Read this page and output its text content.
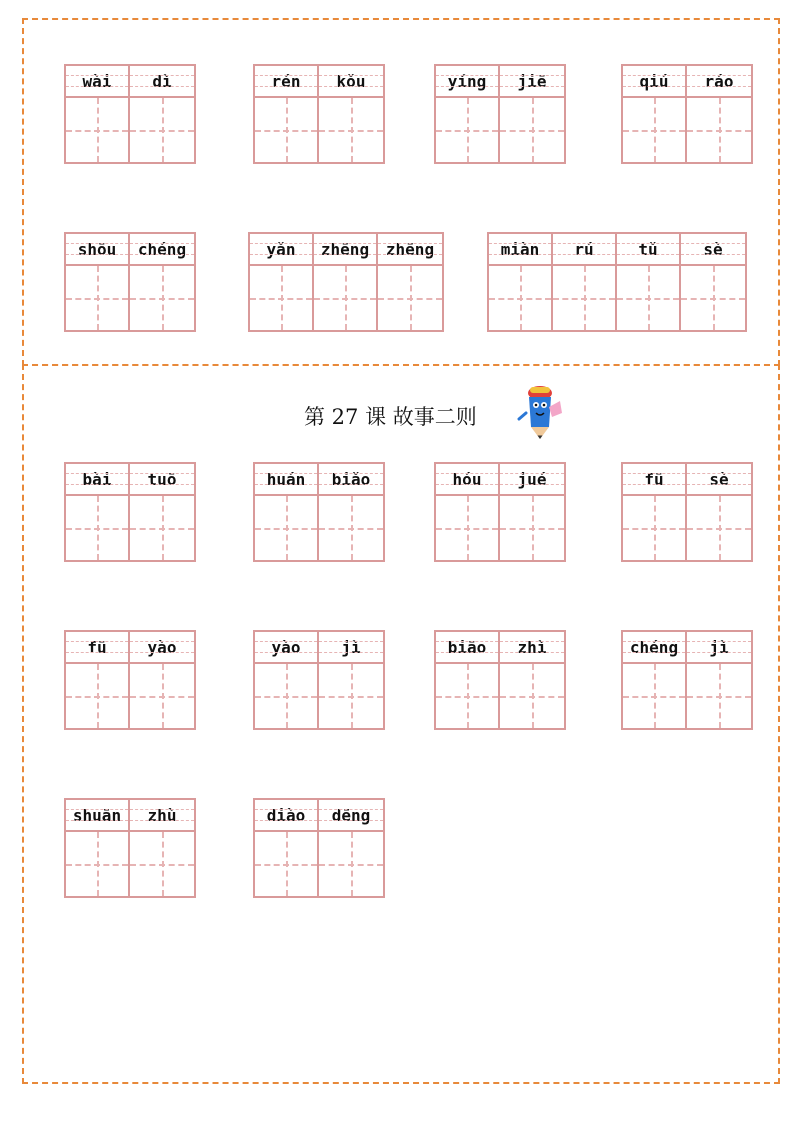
第 27 课 故事二则
wài	dì	rén	kǒu	yíng	jiē	qiú	ráo
shōu	chéng	yǎn	zhēng	zhēng	miàn	rú	tǔ	sè
bài	tuō	huán	biǎo	hóu	jué	fū	sè
fū	yào	yào	jì	biāo	zhì	chéng	jì
shuān	zhù	diào	dēng
